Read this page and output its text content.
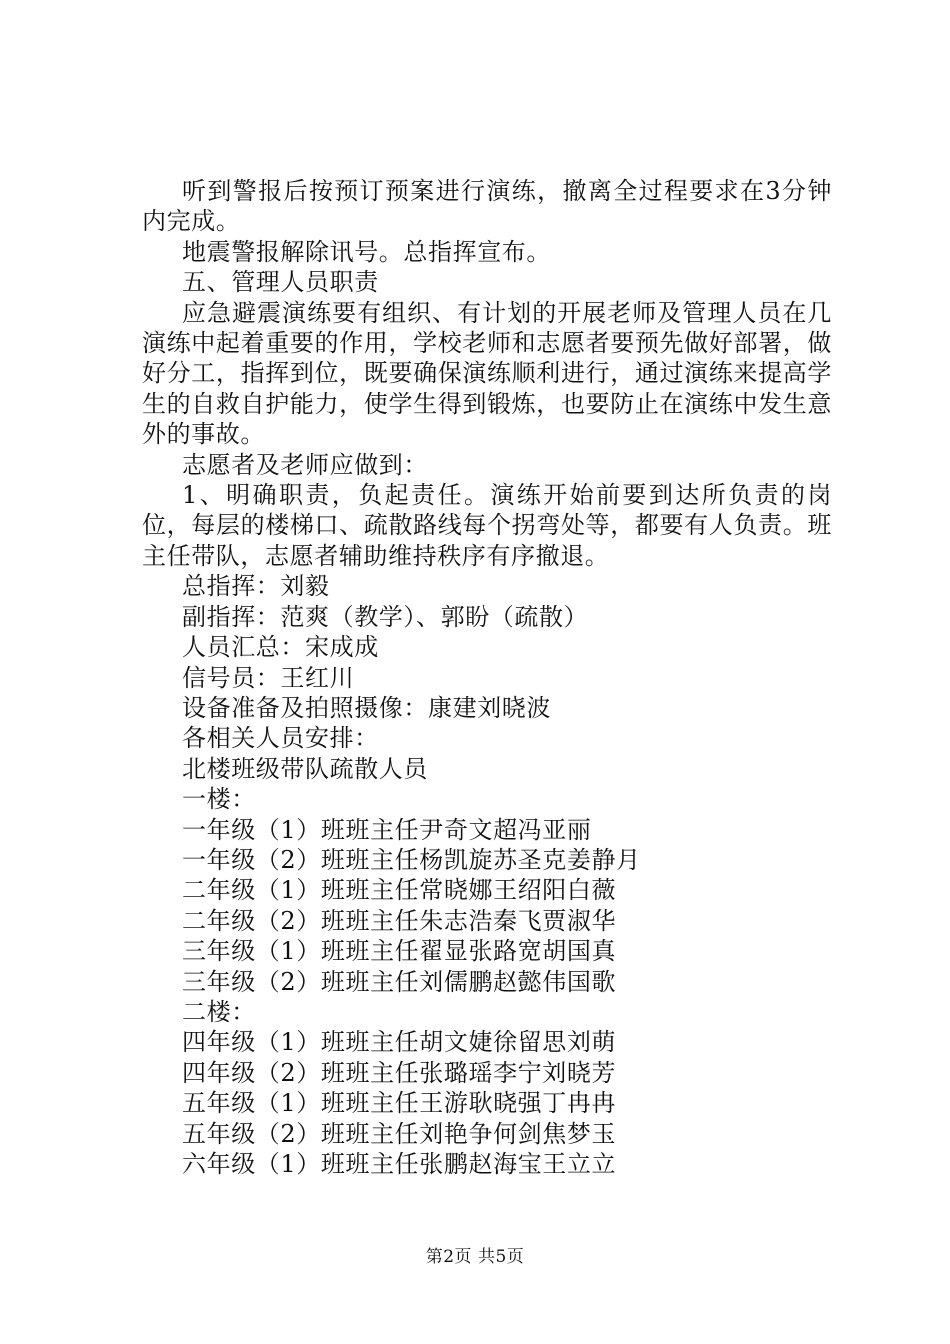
听到警报后按预订预案进行演练，撤离全过程要求在3分钟内完成。

地震警报解除讯号。总指挥宣布。

五、管理人员职责

应急避震演练要有组织、有计划的开展老师及管理人员在几演练中起着重要的作用，学校老师和志愿者要预先做好部署，做好分工，指挥到位，既要确保演练顺利进行，通过演练来提高学生的自救自护能力，使学生得到锻炼，也要防止在演练中发生意外的事故。

志愿者及老师应做到：

1、明确职责，负起责任。演练开始前要到达所负责的岗位，每层的楼梯口、疏散路线每个拐弯处等，都要有人负责。班主任带队，志愿者辅助维持秩序有序撤退。

总指挥：刘毅

副指挥：范爽（教学）、郭盼（疏散）

人员汇总：宋成成

信号员：王红川

设备准备及拍照摄像：康建刘晓波

各相关人员安排：

北楼班级带队疏散人员

一楼：

一年级（1）班班主任尹奇文超冯亚丽

一年级（2）班班主任杨凯旋苏圣克姜静月

二年级（1）班班主任常晓娜王绍阳白薇

二年级（2）班班主任朱志浩秦飞贾淑华

三年级（1）班班主任翟显张路宽胡国真

三年级（2）班班主任刘儒鹏赵懿伟国歌

二楼：

四年级（1）班班主任胡文婕徐留思刘萌

四年级（2）班班主任张璐瑶李宁刘晓芳

五年级（1）班班主任王游耿晓强丁冉冉

五年级（2）班班主任刘艳争何剑焦梦玉

六年级（1）班班主任张鹏赵海宝王立立

第2页 共5页
